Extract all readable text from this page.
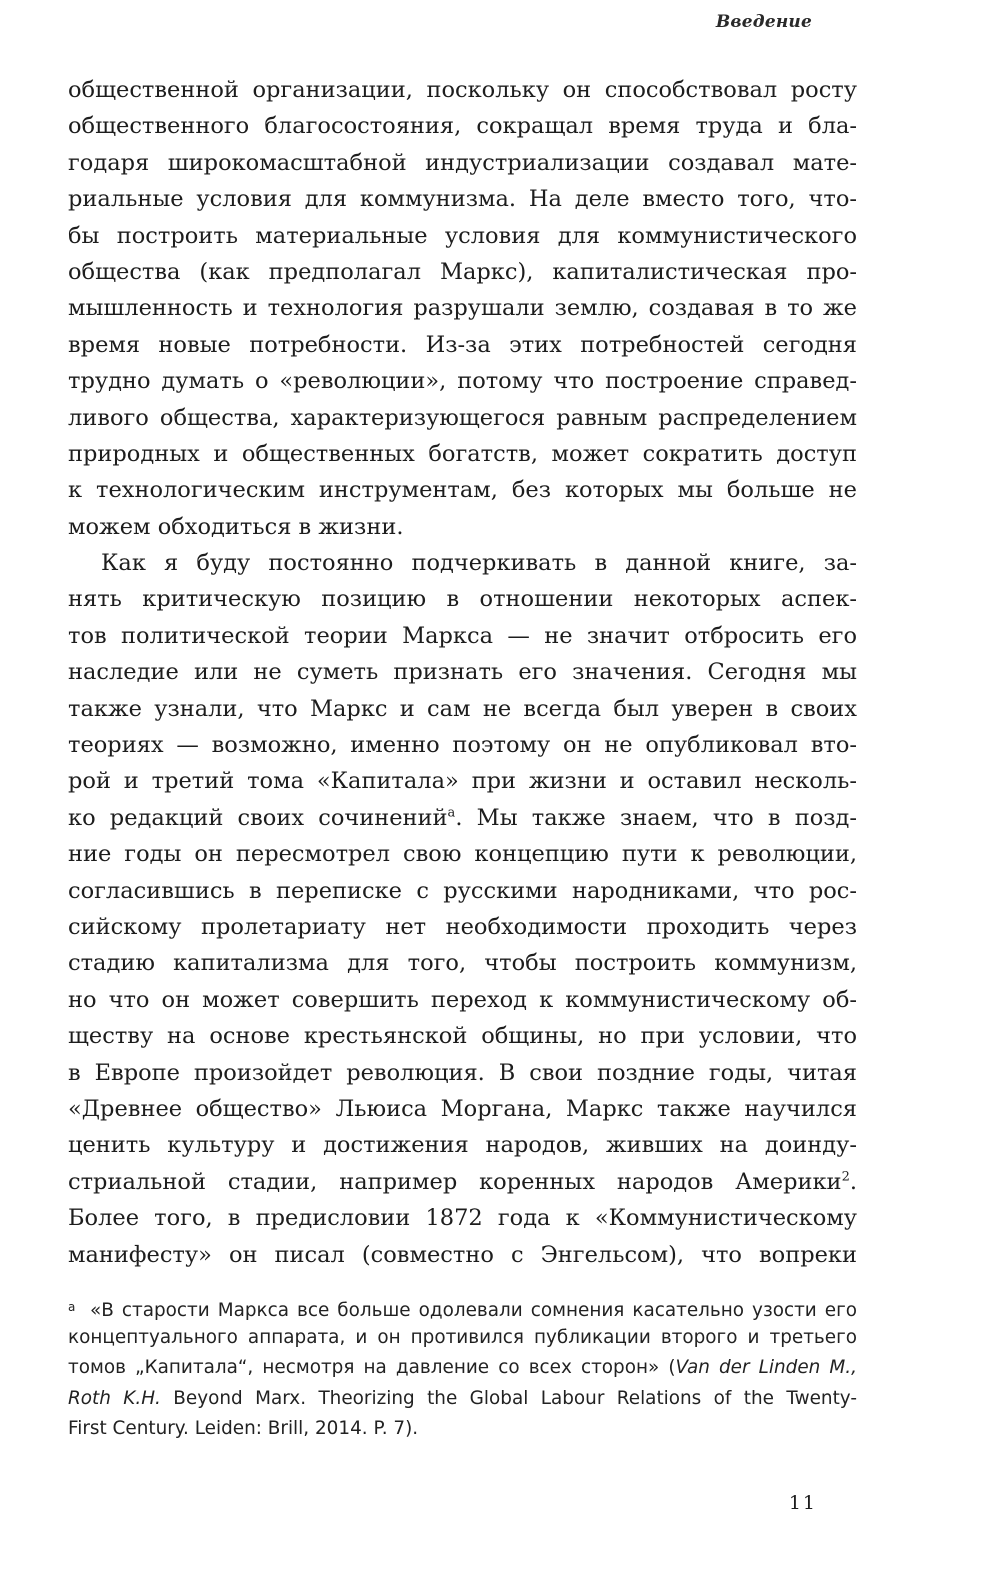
Введение

общественной организации, поскольку он способствовал росту
общественного благосостояния, сокращал время труда и бла-
годаря широкомасштабной индустриализации создавал мате-
риальные условия для коммунизма. На деле вместо того, что-
бы построить материальные условия для коммунистического
общества (как предполагал Маркс), капиталистическая про-
мышленность и технология разрушали землю, создавая в то же
время новые потребности. Из-за этих потребностей сегодня
трудно думать о «революции», потому что построение справед-
ливого общества, характеризующегося равным распределением
природных и общественных богатств, может сократить доступ
к технологическим инструментам, без которых мы больше не
можем обходиться в жизни.

Как я буду постоянно подчеркивать в данной книге, за-
нять критическую позицию в отношении некоторых аспек-
тов политической теории Маркса — не значит отбросить его
наследие или не суметь признать его значения. Сегодня мы
также узнали, что Маркс и сам не всегда был уверен в своих
теориях — возможно, именно поэтому он не опубликовал вто-
рой и третий тома «Капитала» при жизни и оставил несколь-
ко редакций своих сочинений$^a$. Мы также знаем, что в позд-
ние годы он пересмотрел свою концепцию пути к революции,
согласившись в переписке с русскими народниками, что рос-
сийскому пролетариату нет необходимости проходить через
стадию капитализма для того, чтобы построить коммунизм,
но что он может совершить переход к коммунистическому об-
ществу на основе крестьянской общины, но при условии, что
в Европе произойдет революция. В свои поздние годы, читая
«Древнее общество» Льюиса Моргана, Маркс также научился
ценить культуру и достижения народов, живших на доинду-
стриальной стадии, например коренных народов Америки$^2$.
Более того, в предисловии 1872 года к «Коммунистическому
манифесту» он писал (совместно с Энгельсом), что вопреки

a «В старости Маркса все больше одолевали сомнения касательно узости его
концептуального аппарата, и он противился публикации второго и третьего
томов „Капитала“, несмотря на давление со всех сторон» (Van der Linden M.,
Roth K.H. Beyond Marx. Theorizing the Global Labour Relations of the Twenty-
First Century. Leiden: Brill, 2014. P. 7).
11
